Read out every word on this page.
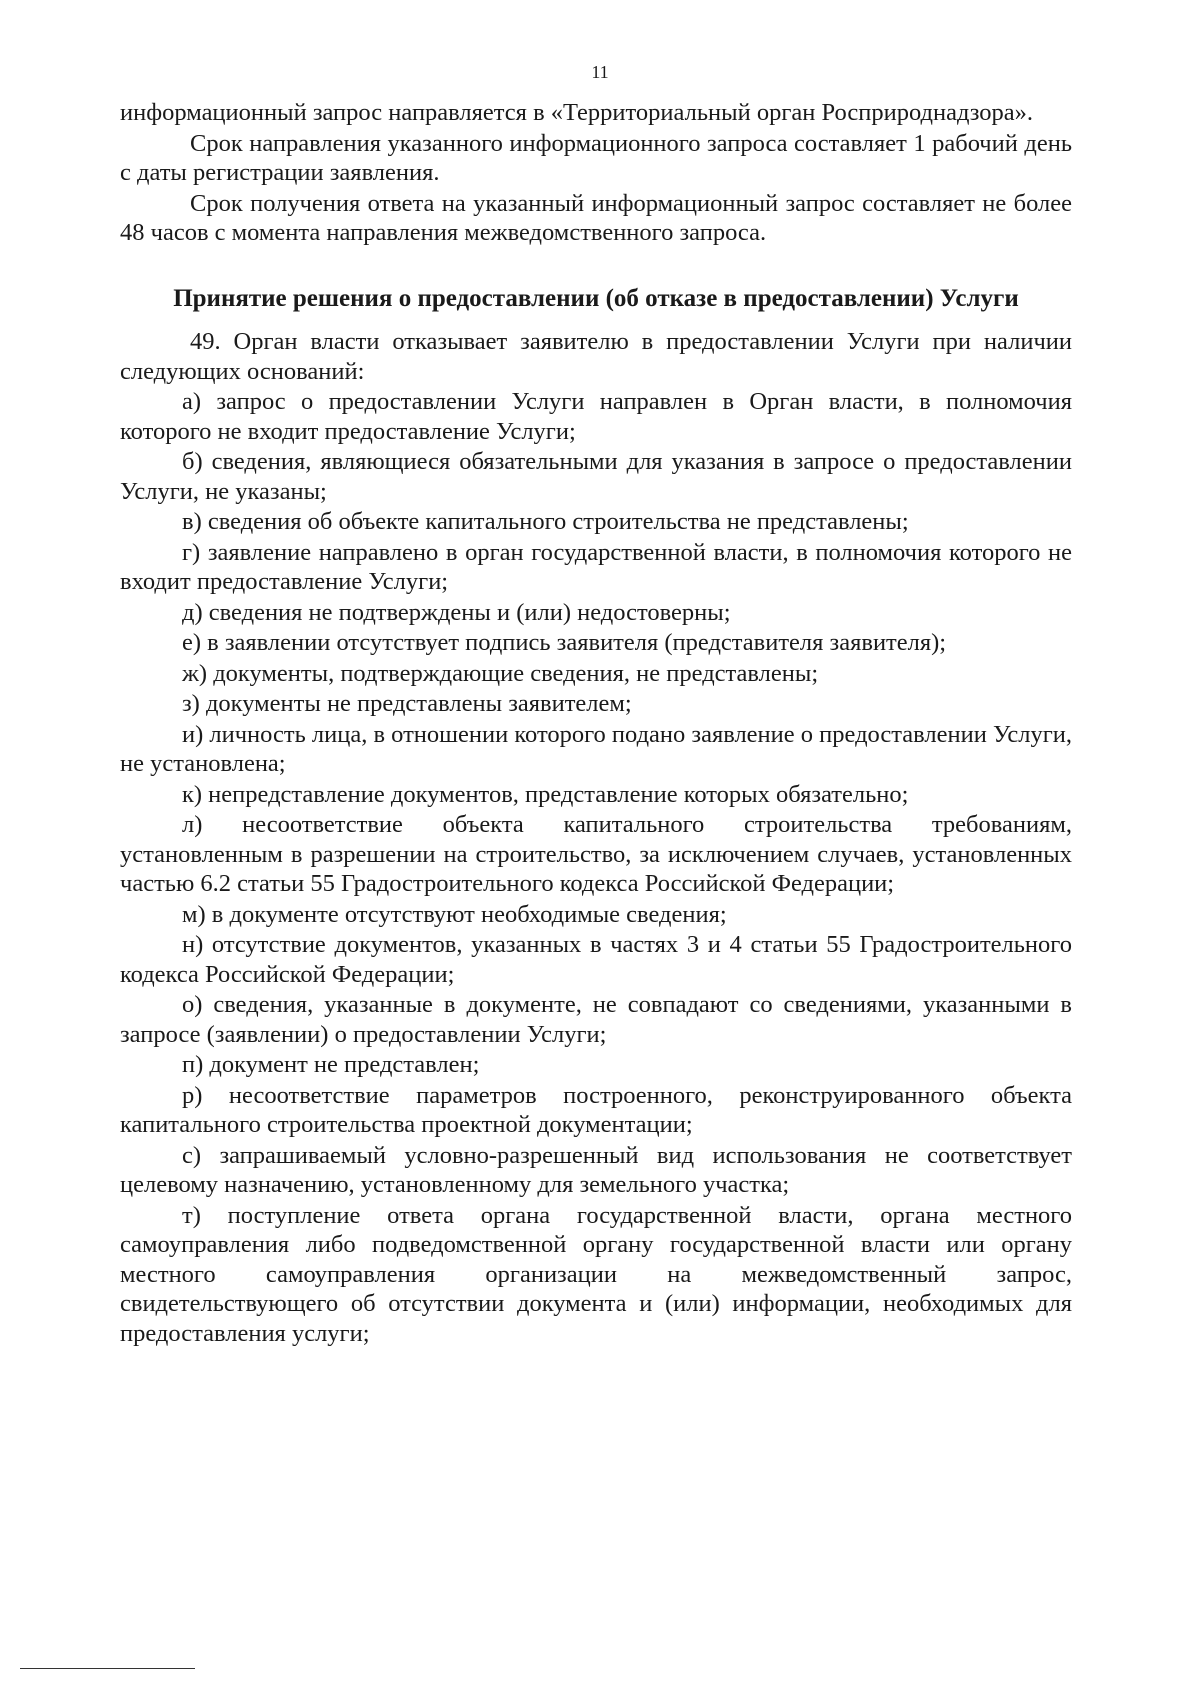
11

информационный запрос направляется в «Территориальный орган Росприроднадзора».

Срок направления указанного информационного запроса составляет 1 рабочий день с даты регистрации заявления.

Срок получения ответа на указанный информационный запрос составляет не более 48 часов с момента направления межведомственного запроса.

Принятие решения о предоставлении (об отказе в предоставлении) Услуги

49. Орган власти отказывает заявителю в предоставлении Услуги при наличии следующих оснований:

а) запрос о предоставлении Услуги направлен в Орган власти, в полномочия которого не входит предоставление Услуги;

б) сведения, являющиеся обязательными для указания в запросе о предоставлении Услуги, не указаны;

в) сведения об объекте капитального строительства не представлены;

г) заявление направлено в орган государственной власти, в полномочия которого не входит предоставление Услуги;

д) сведения не подтверждены и (или) недостоверны;

е) в заявлении отсутствует подпись заявителя (представителя заявителя);

ж) документы, подтверждающие сведения, не представлены;

з) документы не представлены заявителем;

и) личность лица, в отношении которого подано заявление о предоставлении Услуги, не установлена;

к) непредставление документов, представление которых обязательно;

л) несоответствие объекта капитального строительства требованиям, установленным в разрешении на строительство, за исключением случаев, установленных частью 6.2 статьи 55 Градостроительного кодекса Российской Федерации;

м) в документе отсутствуют необходимые сведения;

н) отсутствие документов, указанных в частях 3 и 4 статьи 55 Градостроительного кодекса Российской Федерации;

о) сведения, указанные в документе, не совпадают со сведениями, указанными в запросе (заявлении) о предоставлении Услуги;

п) документ не представлен;

р) несоответствие параметров построенного, реконструированного объекта капитального строительства проектной документации;

с) запрашиваемый условно-разрешенный вид использования не соответствует целевому назначению, установленному для земельного участка;

т) поступление ответа органа государственной власти, органа местного самоуправления либо подведомственной органу государственной власти или органу местного самоуправления организации на межведомственный запрос, свидетельствующего об отсутствии документа и (или) информации, необходимых для предоставления услуги;
